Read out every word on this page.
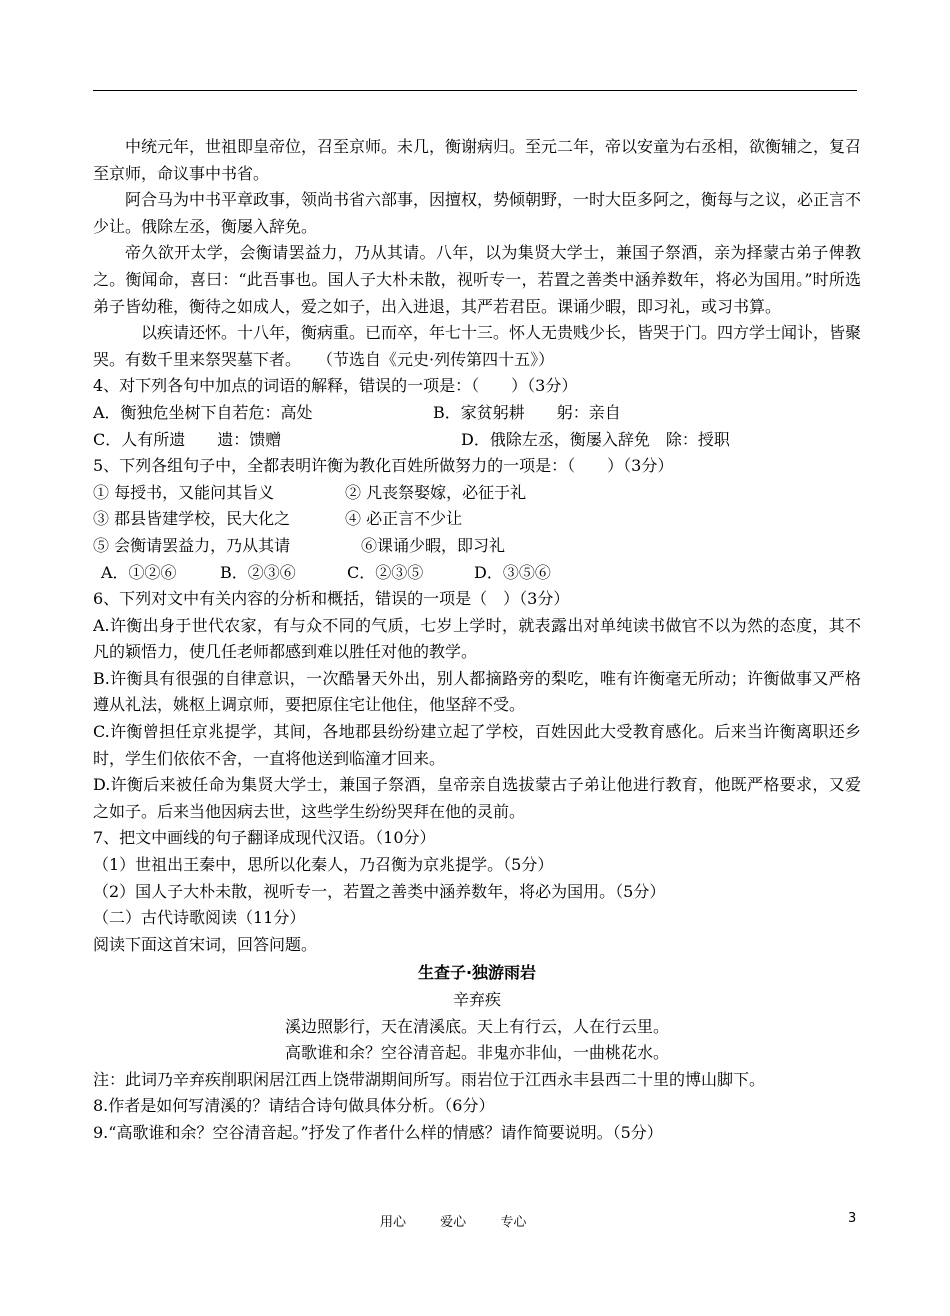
中统元年，世祖即皇帝位，召至京师。未几，衡谢病归。至元二年，帝以安童为右丞相，欲衡辅之，复召至京师，命议事中书省。

阿合马为中书平章政事，领尚书省六部事，因擅权，势倾朝野，一时大臣多阿之，衡每与之议，必正言不少让。俄除左丞，衡屡入辞免。

帝久欲开太学，会衡请罢益力，乃从其请。八年，以为集贤大学士，兼国子祭酒，亲为择蒙古弟子俾教之。衡闻命，喜曰：“此吾事也。国人子大朴未散，视听专一，若置之善类中涵养数年，将必为国用。”时所选弟子皆幼稚，衡待之如成人，爱之如子，出入进退，其严若君臣。课诵少暇，即习礼，或习书算。

以疾请还怀。十八年，衡病重。已而卒，年七十三。怀人无贵贱少长，皆哭于门。四方学士闻讣，皆聚哭。有数千里来祭哭墓下者。　　（节选自《元史·列传第四十五》）

4、对下列各句中加点的词语的解释，错误的一项是：（　　）（3分）

A．衡独危坐树下自若危：高处	B．家贫躬耕　　躬：亲自
C．人有所遗　　遗：馈赠	D．俄除左丞，衡屡入辞免　除：授职

5、下列各组句子中，全都表明许衡为教化百姓所做努力的一项是：（　　）（3分）

① 每授书，又能问其旨义	② 凡丧祭娶嫁，必征于礼
③ 郡县皆建学校，民大化之	④ 必正言不少让
⑤ 会衡请罢益力，乃从其请	⑥课诵少暇，即习礼
A．①②⑥	B．②③⑥	C．②③⑤	D．③⑤⑥

6、下列对文中有关内容的分析和概括，错误的一项是（　）（3分）

A.许衡出身于世代农家，有与众不同的气质，七岁上学时，就表露出对单纯读书做官不以为然的态度，其不凡的颖悟力，使几任老师都感到难以胜任对他的教学。

B.许衡具有很强的自律意识，一次酷暑天外出，别人都摘路旁的梨吃，唯有许衡毫无所动；许衡做事又严格遵从礼法，姚枢上调京师，要把原住宅让他住，他坚辞不受。

C.许衡曾担任京兆提学，其间，各地郡县纷纷建立起了学校，百姓因此大受教育感化。后来当许衡离职还乡时，学生们依依不舍，一直将他送到临潼才回来。

D.许衡后来被任命为集贤大学士，兼国子祭酒，皇帝亲自选拔蒙古子弟让他进行教育，他既严格要求，又爱之如子。后来当他因病去世，这些学生纷纷哭拜在他的灵前。

7、把文中画线的句子翻译成现代汉语。（10分）

（1）世祖出王秦中，思所以化秦人，乃召衡为京兆提学。（5分）

（2）国人子大朴未散，视听专一，若置之善类中涵养数年，将必为国用。（5分）

（二）古代诗歌阅读（11分）

阅读下面这首宋词，回答问题。

生查子·独游雨岩

辛弃疾

溪边照影行，天在清溪底。天上有行云，人在行云里。

高歌谁和余？空谷清音起。非鬼亦非仙，一曲桃花水。

注：此词乃辛弃疾削职闲居江西上饶带湖期间所写。雨岩位于江西永丰县西二十里的博山脚下。

8.作者是如何写清溪的？请结合诗句做具体分析。（6分）

9.“高歌谁和余？空谷清音起。”抒发了作者什么样的情感？请作简要说明。（5分）

用心	爱心	专心	3
